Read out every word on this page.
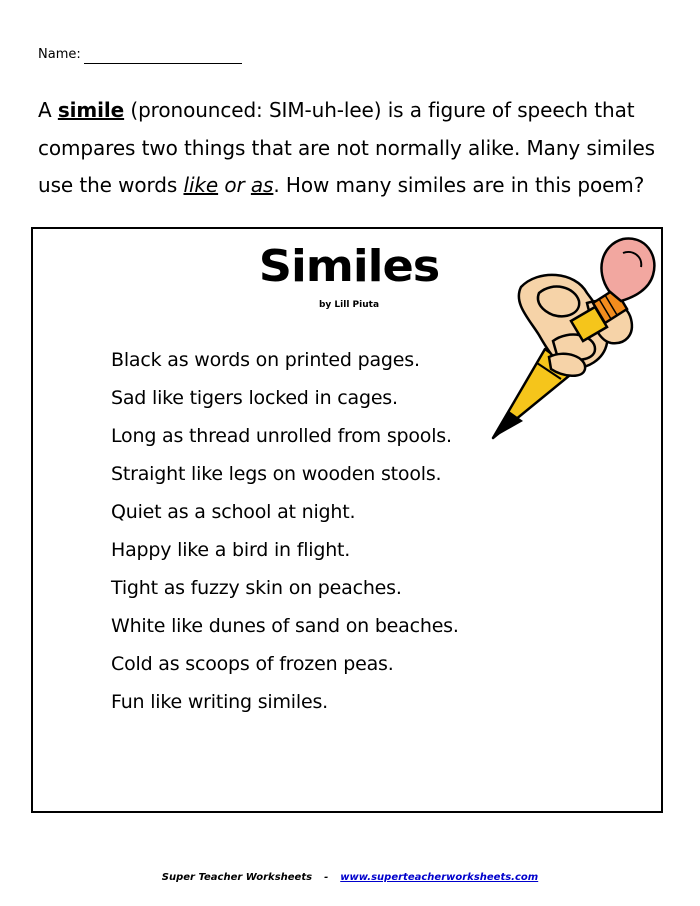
Name:

A simile (pronounced: SIM-uh-lee) is a figure of speech that compares two things that are not normally alike. Many similes use the words like or as. How many similes are in this poem?

Similes
by Lill Piuta
Black as words on printed pages.
Sad like tigers locked in cages.
Long as thread unrolled from spools.
Straight like legs on wooden stools.
Quiet as a school at night.
Happy like a bird in flight.
Tight as fuzzy skin on peaches.
White like dunes of sand on beaches.
Cold as scoops of frozen peas.
Fun like writing similes.
Super Teacher Worksheets - www.superteacherworksheets.com
